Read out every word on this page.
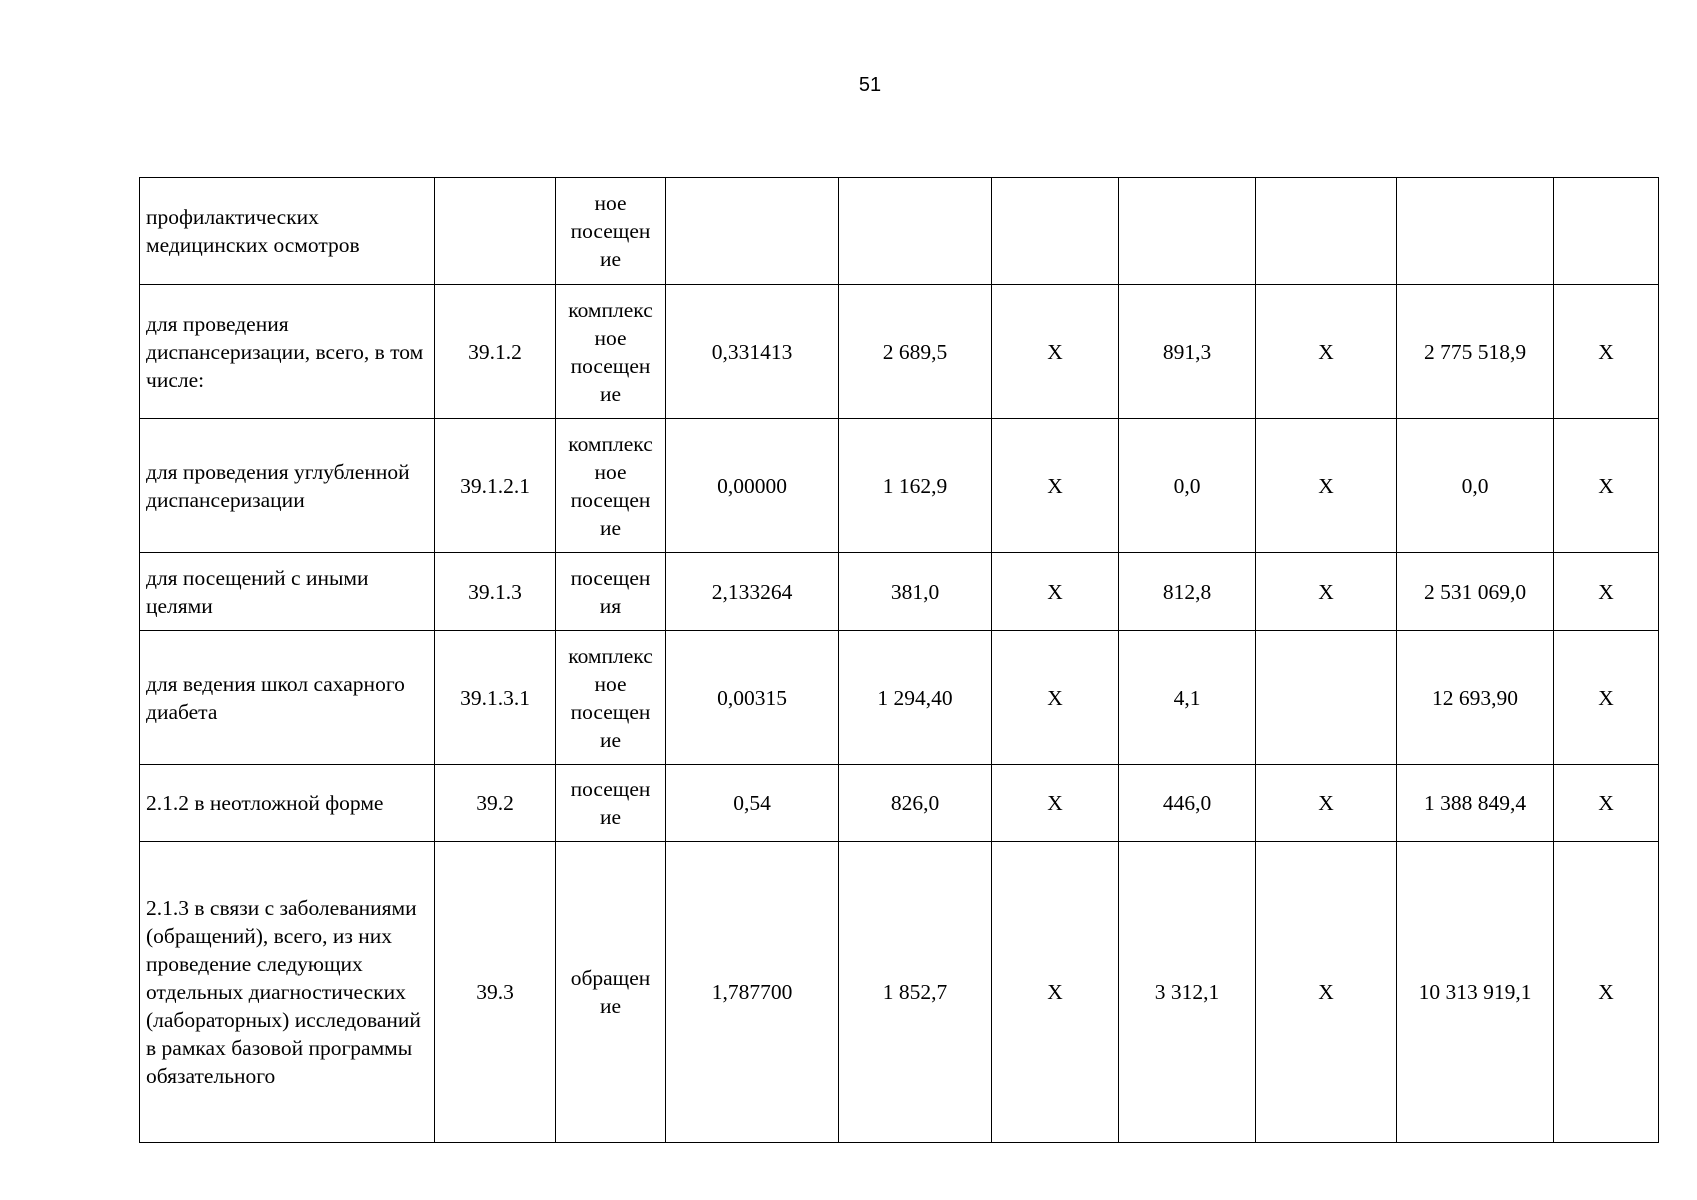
51
профилактических медицинских осмотров		ное посещен ие							
для проведения диспансеризации, всего, в том числе:	39.1.2	комплекс ное посещен ие	0,331413	2 689,5	Х	891,3	Х	2 775 518,9	Х
для проведения углубленной диспансеризации	39.1.2.1	комплекс ное посещен ие	0,00000	1 162,9	Х	0,0	Х	0,0	Х
для посещений с иными целями	39.1.3	посещен ия	2,133264	381,0	Х	812,8	Х	2 531 069,0	Х
для ведения школ сахарного диабета	39.1.3.1	комплекс ное посещен ие	0,00315	1 294,40	Х	4,1		12 693,90	Х
2.1.2 в неотложной форме	39.2	посещен ие	0,54	826,0	Х	446,0	Х	1 388 849,4	Х
2.1.3 в связи с заболеваниями (обращений), всего, из них проведение следующих отдельных диагностических (лабораторных) исследований в рамках базовой программы обязательного	39.3	обращен ие	1,787700	1 852,7	Х	3 312,1	Х	10 313 919,1	Х
